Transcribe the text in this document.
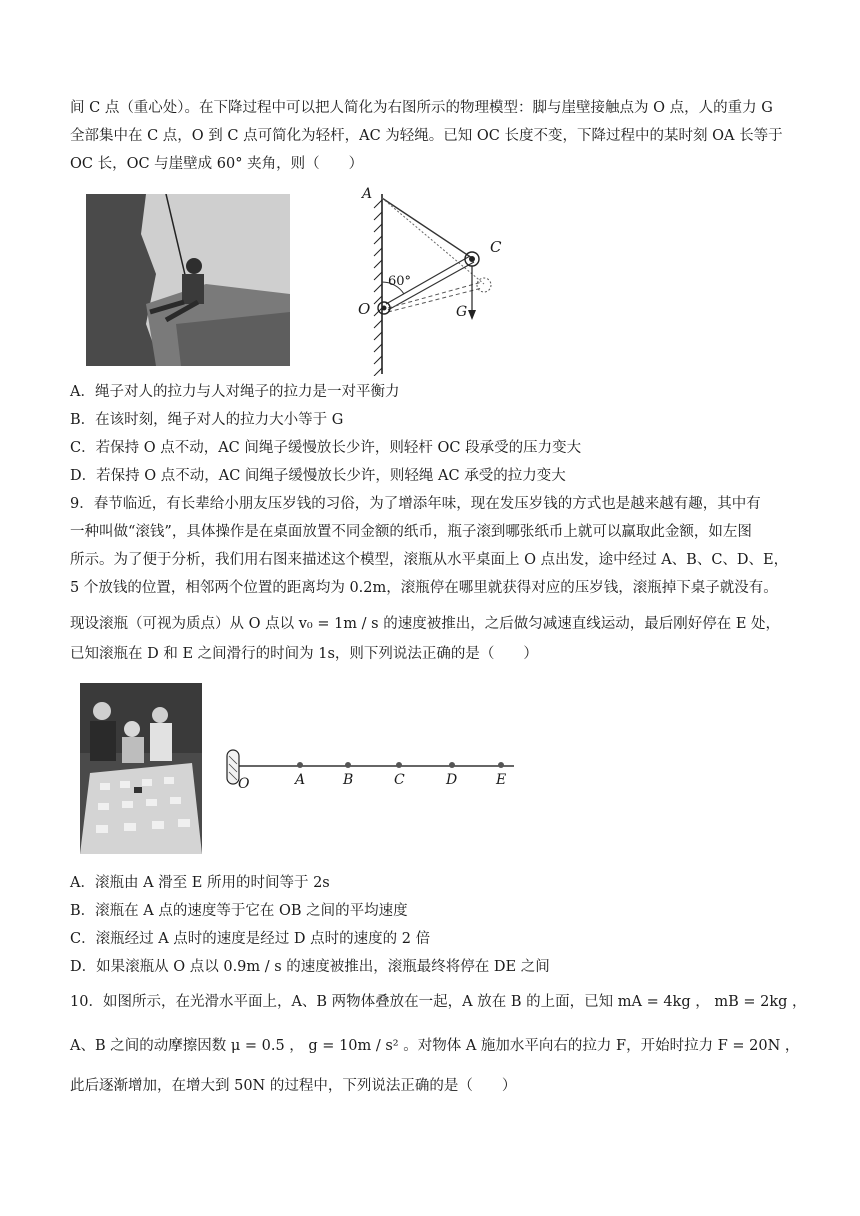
间 C 点（重心处）。在下降过程中可以把人简化为右图所示的物理模型：脚与崖壁接触点为 O 点，人的重力 G
全部集中在 C 点，O 到 C 点可简化为轻杆，AC 为轻绳。已知 OC 长度不变，下降过程中的某时刻 OA 长等于
OC 长，OC 与崖壁成 60° 夹角，则（　　）
A
C
60°
O	G
A．绳子对人的拉力与人对绳子的拉力是一对平衡力
B．在该时刻，绳子对人的拉力大小等于 G
C．若保持 O 点不动，AC 间绳子缓慢放长少许，则轻杆 OC 段承受的压力变大
D．若保持 O 点不动，AC 间绳子缓慢放长少许，则轻绳 AC 承受的拉力变大
9．春节临近，有长辈给小朋友压岁钱的习俗，为了增添年味，现在发压岁钱的方式也是越来越有趣，其中有
一种叫做“滚钱”，具体操作是在桌面放置不同金额的纸币，瓶子滚到哪张纸币上就可以赢取此金额，如左图
所示。为了便于分析，我们用右图来描述这个模型，滚瓶从水平桌面上 O 点出发，途中经过 A、B、C、D、E，
5 个放钱的位置，相邻两个位置的距离均为 0.2m，滚瓶停在哪里就获得对应的压岁钱，滚瓶掉下桌子就没有。
现设滚瓶（可视为质点）从 O 点以 v₀ = 1m / s 的速度被推出，之后做匀减速直线运动，最后刚好停在 E 处，
已知滚瓶在 D 和 E 之间滑行的时间为 1s，则下列说法正确的是（　　）
O	A	B	C	D	E
A．滚瓶由 A 滑至 E 所用的时间等于 2s
B．滚瓶在 A 点的速度等于它在 OB 之间的平均速度
C．滚瓶经过 A 点时的速度是经过 D 点时的速度的 2 倍
D．如果滚瓶从 O 点以 0.9m / s 的速度被推出，滚瓶最终将停在 DE 之间
10．如图所示，在光滑水平面上，A、B 两物体叠放在一起，A 放在 B 的上面，已知 mA = 4kg ， mB = 2kg ，
A、B 之间的动摩擦因数 μ = 0.5 ， g = 10m / s² 。对物体 A 施加水平向右的拉力 F，开始时拉力 F = 20N ，
此后逐渐增加，在增大到 50N 的过程中，下列说法正确的是（　　）
